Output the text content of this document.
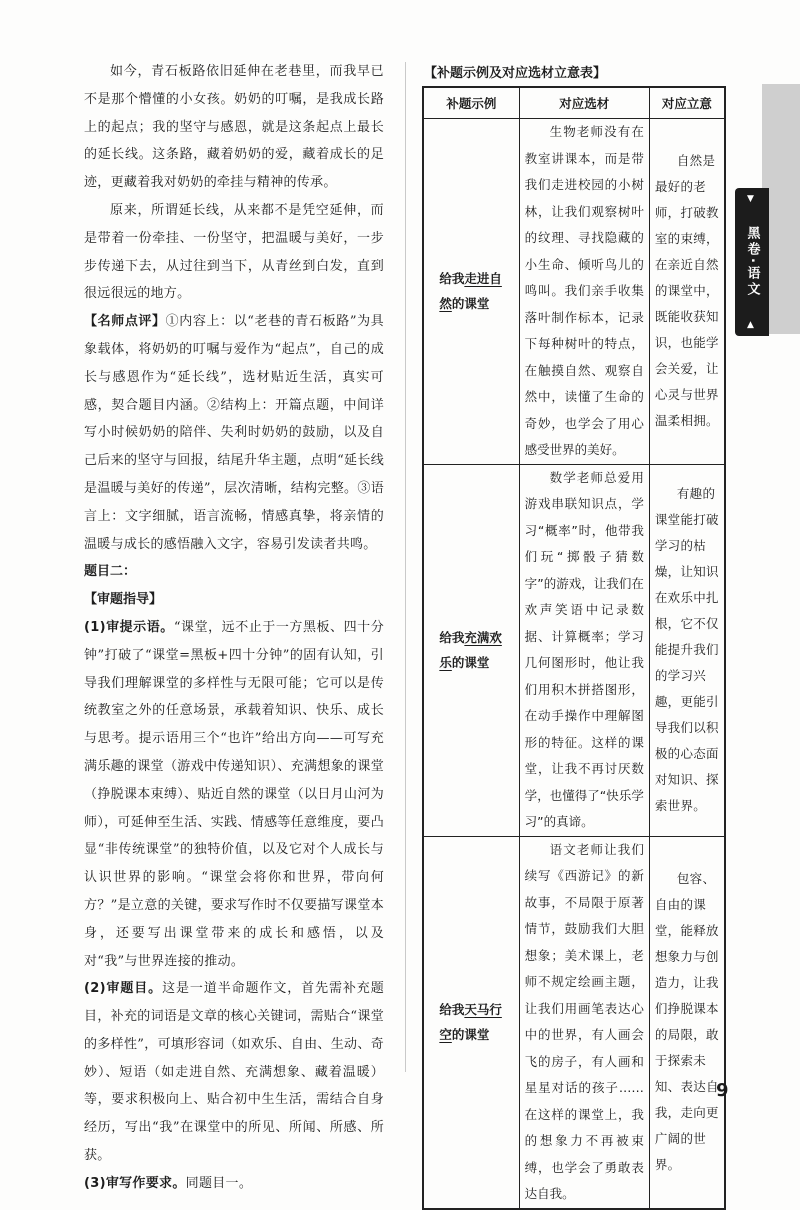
如今，青石板路依旧延伸在老巷里，而我早已不是那个懵懂的小女孩。奶奶的叮嘱，是我成长路上的起点；我的坚守与感恩，就是这条起点上最长的延长线。这条路，藏着奶奶的爱，藏着成长的足迹，更藏着我对奶奶的牵挂与精神的传承。

原来，所谓延长线，从来都不是凭空延伸，而是带着一份牵挂、一份坚守，把温暖与美好，一步步传递下去，从过往到当下，从青丝到白发，直到很远很远的地方。

【名师点评】①内容上：以“老巷的青石板路”为具象载体，将奶奶的叮嘱与爱作为“起点”，自己的成长与感恩作为“延长线”，选材贴近生活，真实可感，契合题目内涵。②结构上：开篇点题，中间详写小时候奶奶的陪伴、失利时奶奶的鼓励，以及自己后来的坚守与回报，结尾升华主题，点明“延长线是温暖与美好的传递”，层次清晰，结构完整。③语言上：文字细腻，语言流畅，情感真挚，将亲情的温暖与成长的感悟融入文字，容易引发读者共鸣。

题目二：

【审题指导】

(1)审提示语。“课堂，远不止于一方黑板、四十分钟”打破了“课堂=黑板+四十分钟”的固有认知，引导我们理解课堂的多样性与无限可能；它可以是传统教室之外的任意场景，承载着知识、快乐、成长与思考。提示语用三个“也许”给出方向——可写充满乐趣的课堂（游戏中传递知识）、充满想象的课堂（挣脱课本束缚）、贴近自然的课堂（以日月山河为师），可延伸至生活、实践、情感等任意维度，要凸显“非传统课堂”的独特价值，以及它对个人成长与认识世界的影响。“课堂会将你和世界，带向何方？”是立意的关键，要求写作时不仅要描写课堂本身，还要写出课堂带来的成长和感悟，以及对“我”与世界连接的推动。

(2)审题目。这是一道半命题作文，首先需补充题目，补充的词语是文章的核心关键词，需贴合“课堂的多样性”，可填形容词（如欢乐、自由、生动、奇妙）、短语（如走进自然、充满想象、藏着温暖）等，要求积极向上、贴合初中生生活，需结合自身经历，写出“我”在课堂中的所见、所闻、所感、所获。

(3)审写作要求。同题目一。

【补题示例及对应选材立意表】
补题示例	对应选材	对应立意

给我走进自然的课堂	生物老师没有在教室讲课本，而是带我们走进校园的小树林，让我们观察树叶的纹理、寻找隐藏的小生命、倾听鸟儿的鸣叫。我们亲手收集落叶制作标本，记录下每种树叶的特点，在触摸自然、观察自然中，读懂了生命的奇妙，也学会了用心感受世界的美好。	自然是最好的老师，打破教室的束缚，在亲近自然的课堂中，既能收获知识，也能学会关爱，让心灵与世界温柔相拥。

给我充满欢乐的课堂	数学老师总爱用游戏串联知识点，学习“概率”时，他带我们玩“掷骰子猜数字”的游戏，让我们在欢声笑语中记录数据、计算概率；学习几何图形时，他让我们用积木拼搭图形，在动手操作中理解图形的特征。这样的课堂，让我不再讨厌数学，也懂得了“快乐学习”的真谛。	有趣的课堂能打破学习的枯燥，让知识在欢乐中扎根，它不仅能提升我们的学习兴趣，更能引导我们以积极的心态面对知识、探索世界。

给我天马行空的课堂	语文老师让我们续写《西游记》的新故事，不局限于原著情节，鼓励我们大胆想象；美术课上，老师不规定绘画主题，让我们用画笔表达心中的世界，有人画会飞的房子，有人画和星星对话的孩子……在这样的课堂上，我的想象力不再被束缚，也学会了勇敢表达自我。	包容、自由的课堂，能释放想象力与创造力，让我们挣脱课本的局限，敢于探索未知、表达自我，走向更广阔的世界。
▼
黑卷·语文
▲
9
